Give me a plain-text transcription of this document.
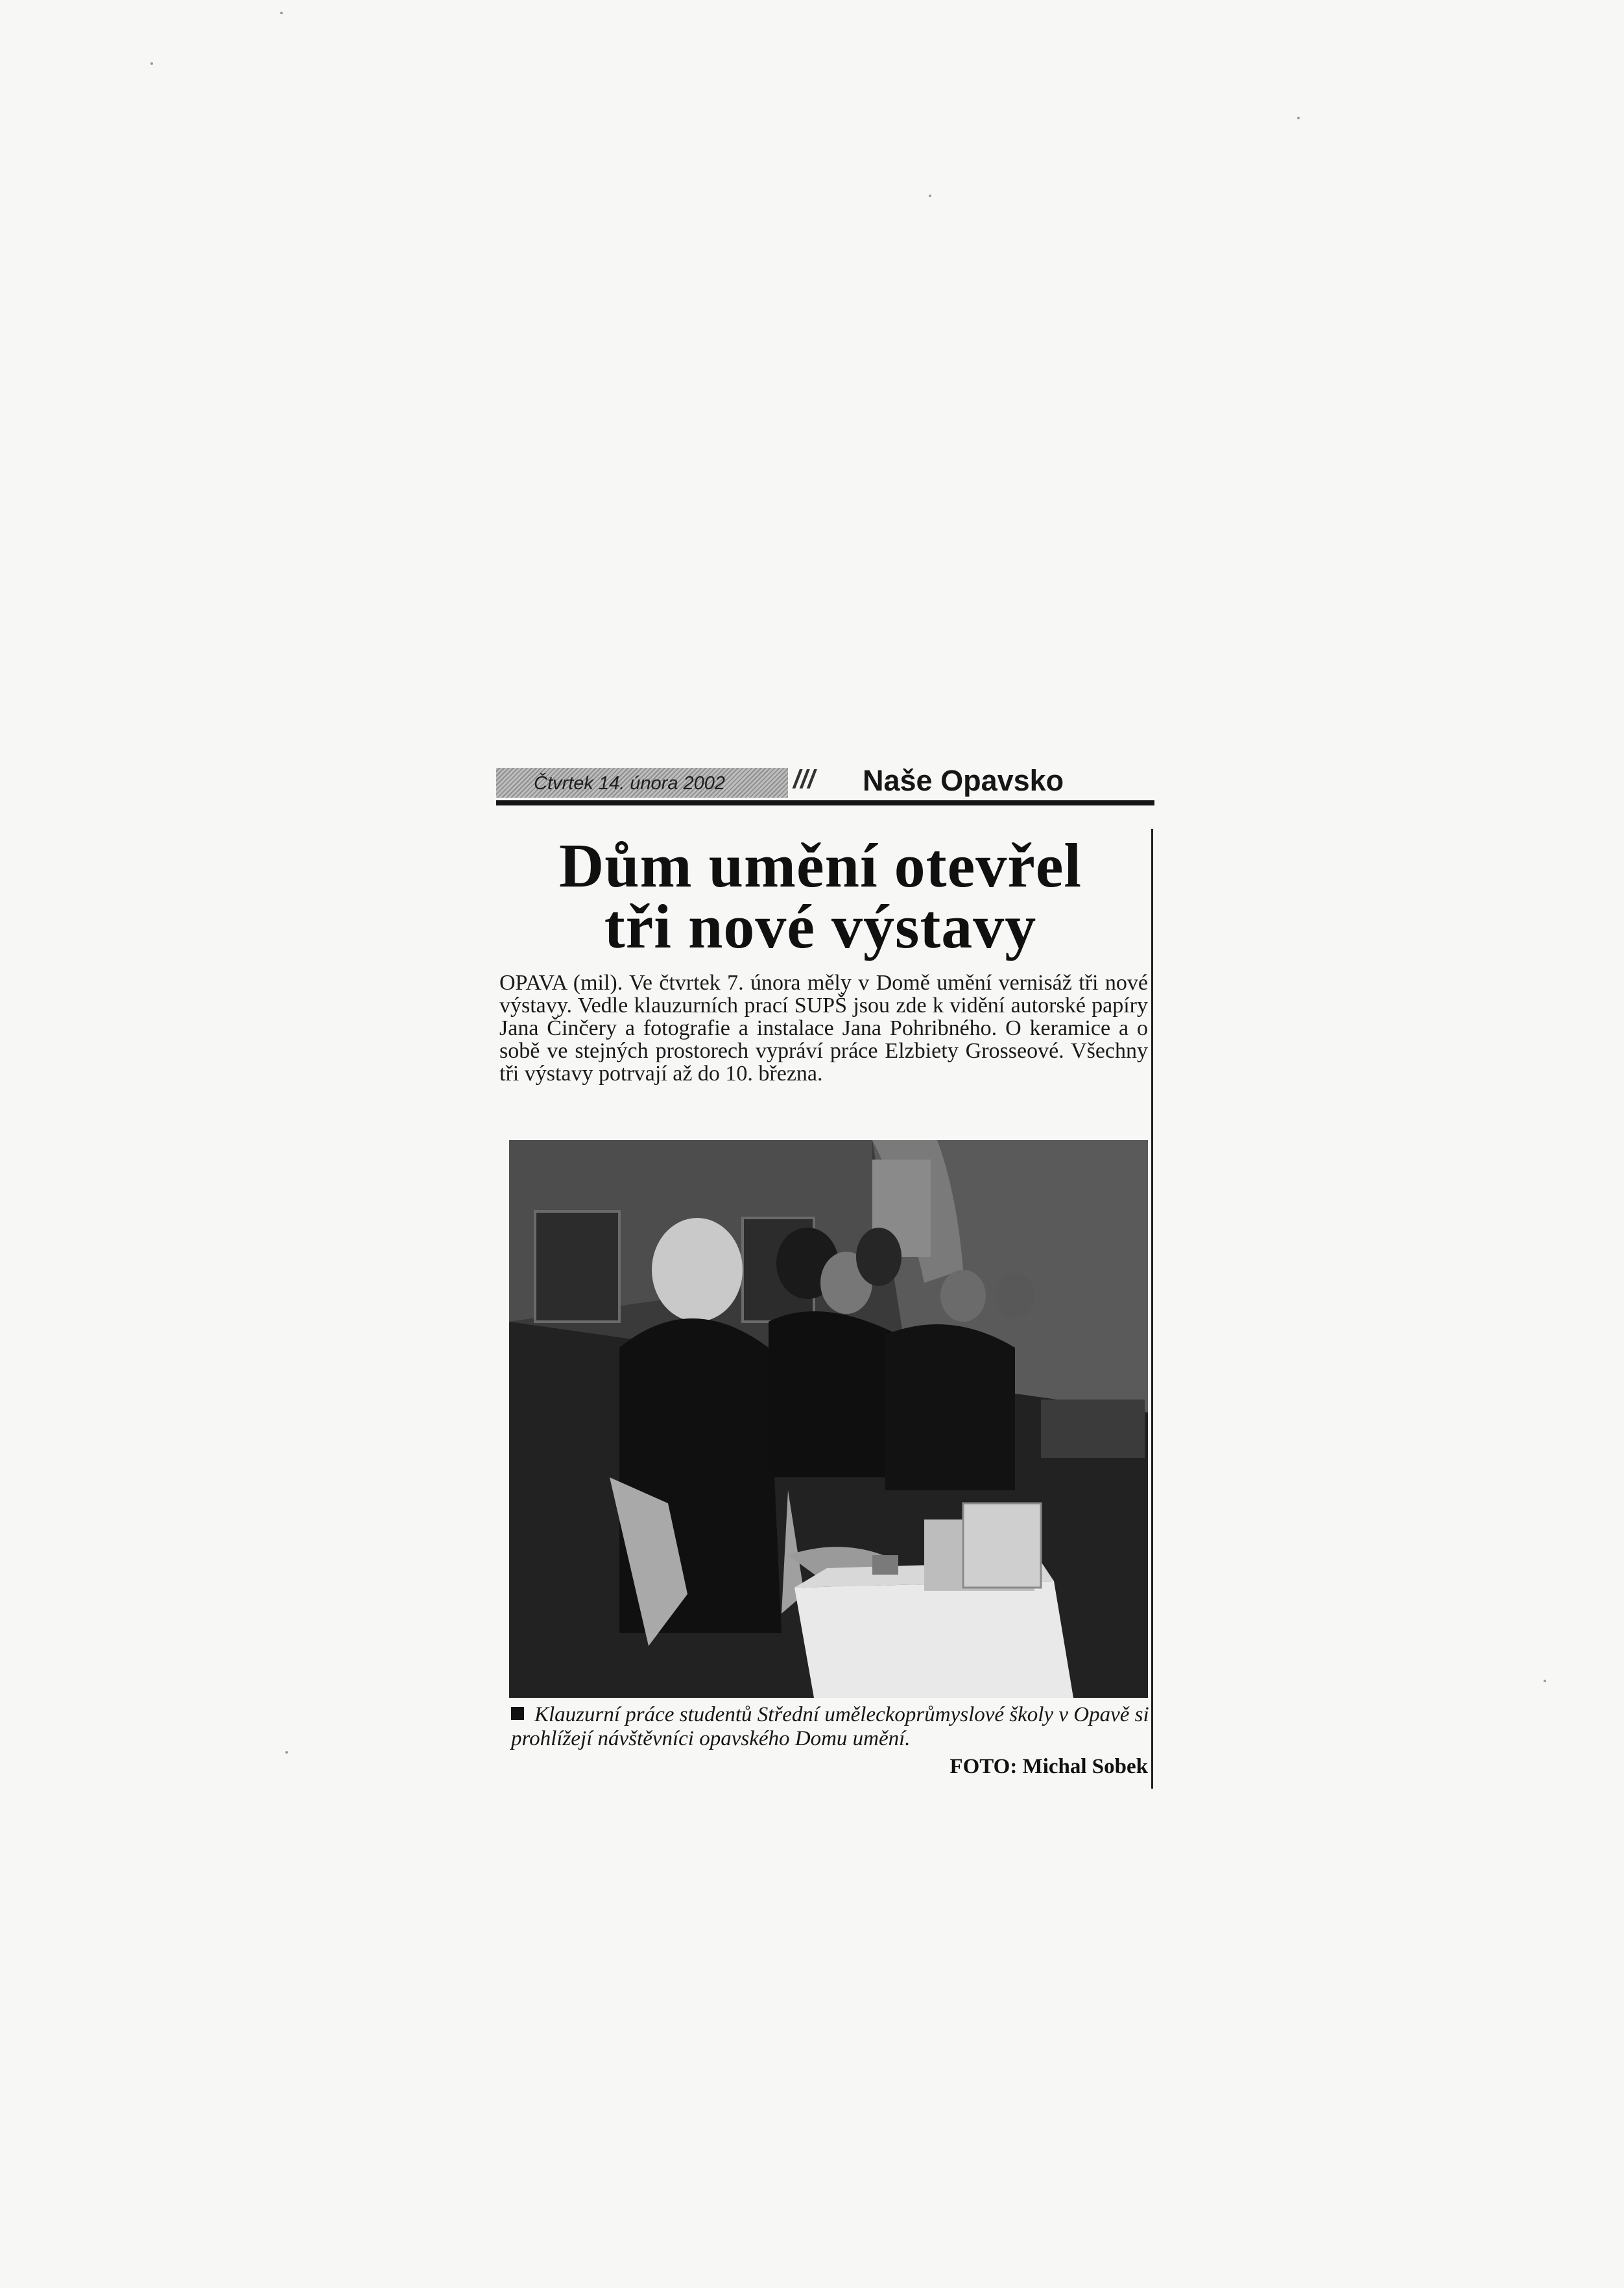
Čtvrtek 14. února 2002	/// Naše Opavsko
Dům umění otevřel
tři nové výstavy

OPAVA (mil). Ve čtvrtek 7. února měly v Domě umění vernisáž tři nové výstavy. Vedle klauzurních prací SUPŠ jsou zde k vidění autorské papíry Jana Činčery a fotografie a instalace Jana Pohribného. O keramice a o sobě ve stejných prostorech vypráví práce Elzbiety Grosseové. Všechny tři výstavy potrvají až do 10. března.

Klauzurní práce studentů Střední uměleckoprůmyslové školy v Opavě si prohlížejí návštěvníci opavského Domu umění.

FOTO: Michal Sobek
